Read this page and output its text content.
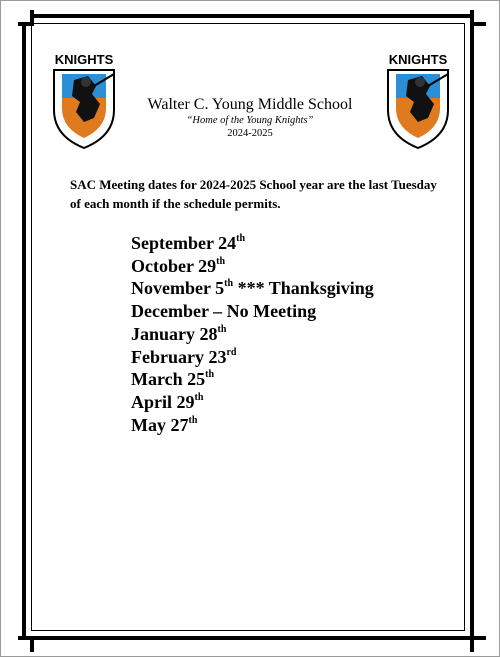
KNIGHTS	KNIGHTS
Walter C. Young Middle School
“Home of the Young Knights”
2024-2025
SAC Meeting dates for 2024-2025 School year are the last Tuesday of each month if the schedule permits.
September 24th
October 29th
November 5th *** Thanksgiving
December – No Meeting
January 28th
February 23rd
March 25th
April 29th
May 27th
